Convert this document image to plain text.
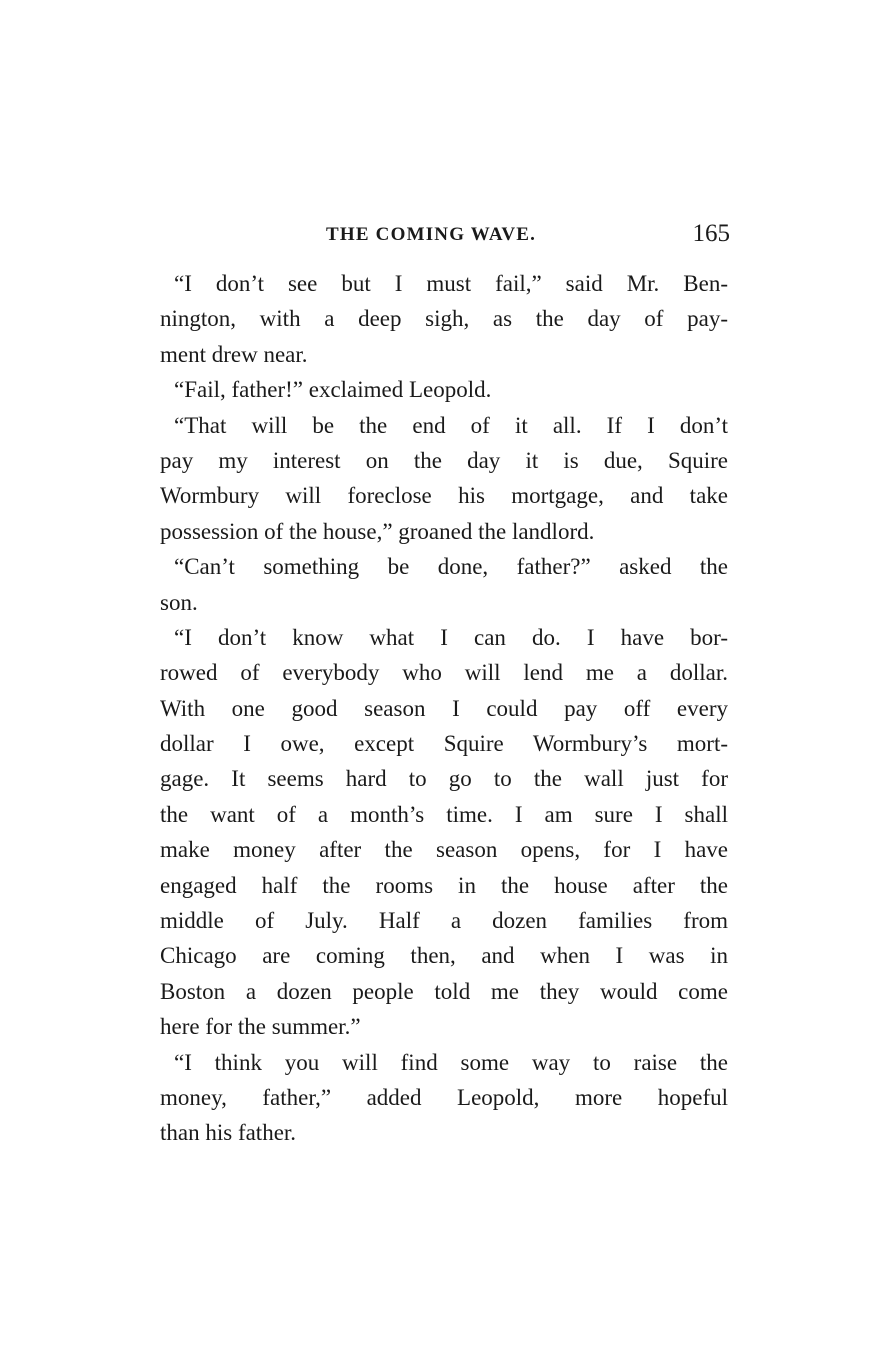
THE COMING WAVE.	165
“I don’t see but I must fail,” said Mr. Ben-
nington, with a deep sigh, as the day of pay-
ment drew near.
“Fail, father!” exclaimed Leopold.
“That will be the end of it all. If I don’t
pay my interest on the day it is due, Squire
Wormbury will foreclose his mortgage, and take
possession of the house,” groaned the landlord.
“Can’t something be done, father?” asked the
son.
“I don’t know what I can do. I have bor-
rowed of everybody who will lend me a dollar.
With one good season I could pay off every
dollar I owe, except Squire Wormbury’s mort-
gage. It seems hard to go to the wall just for
the want of a month’s time. I am sure I shall
make money after the season opens, for I have
engaged half the rooms in the house after the
middle of July. Half a dozen families from
Chicago are coming then, and when I was in
Boston a dozen people told me they would come
here for the summer.”
“I think you will find some way to raise the
money, father,” added Leopold, more hopeful
than his father.
